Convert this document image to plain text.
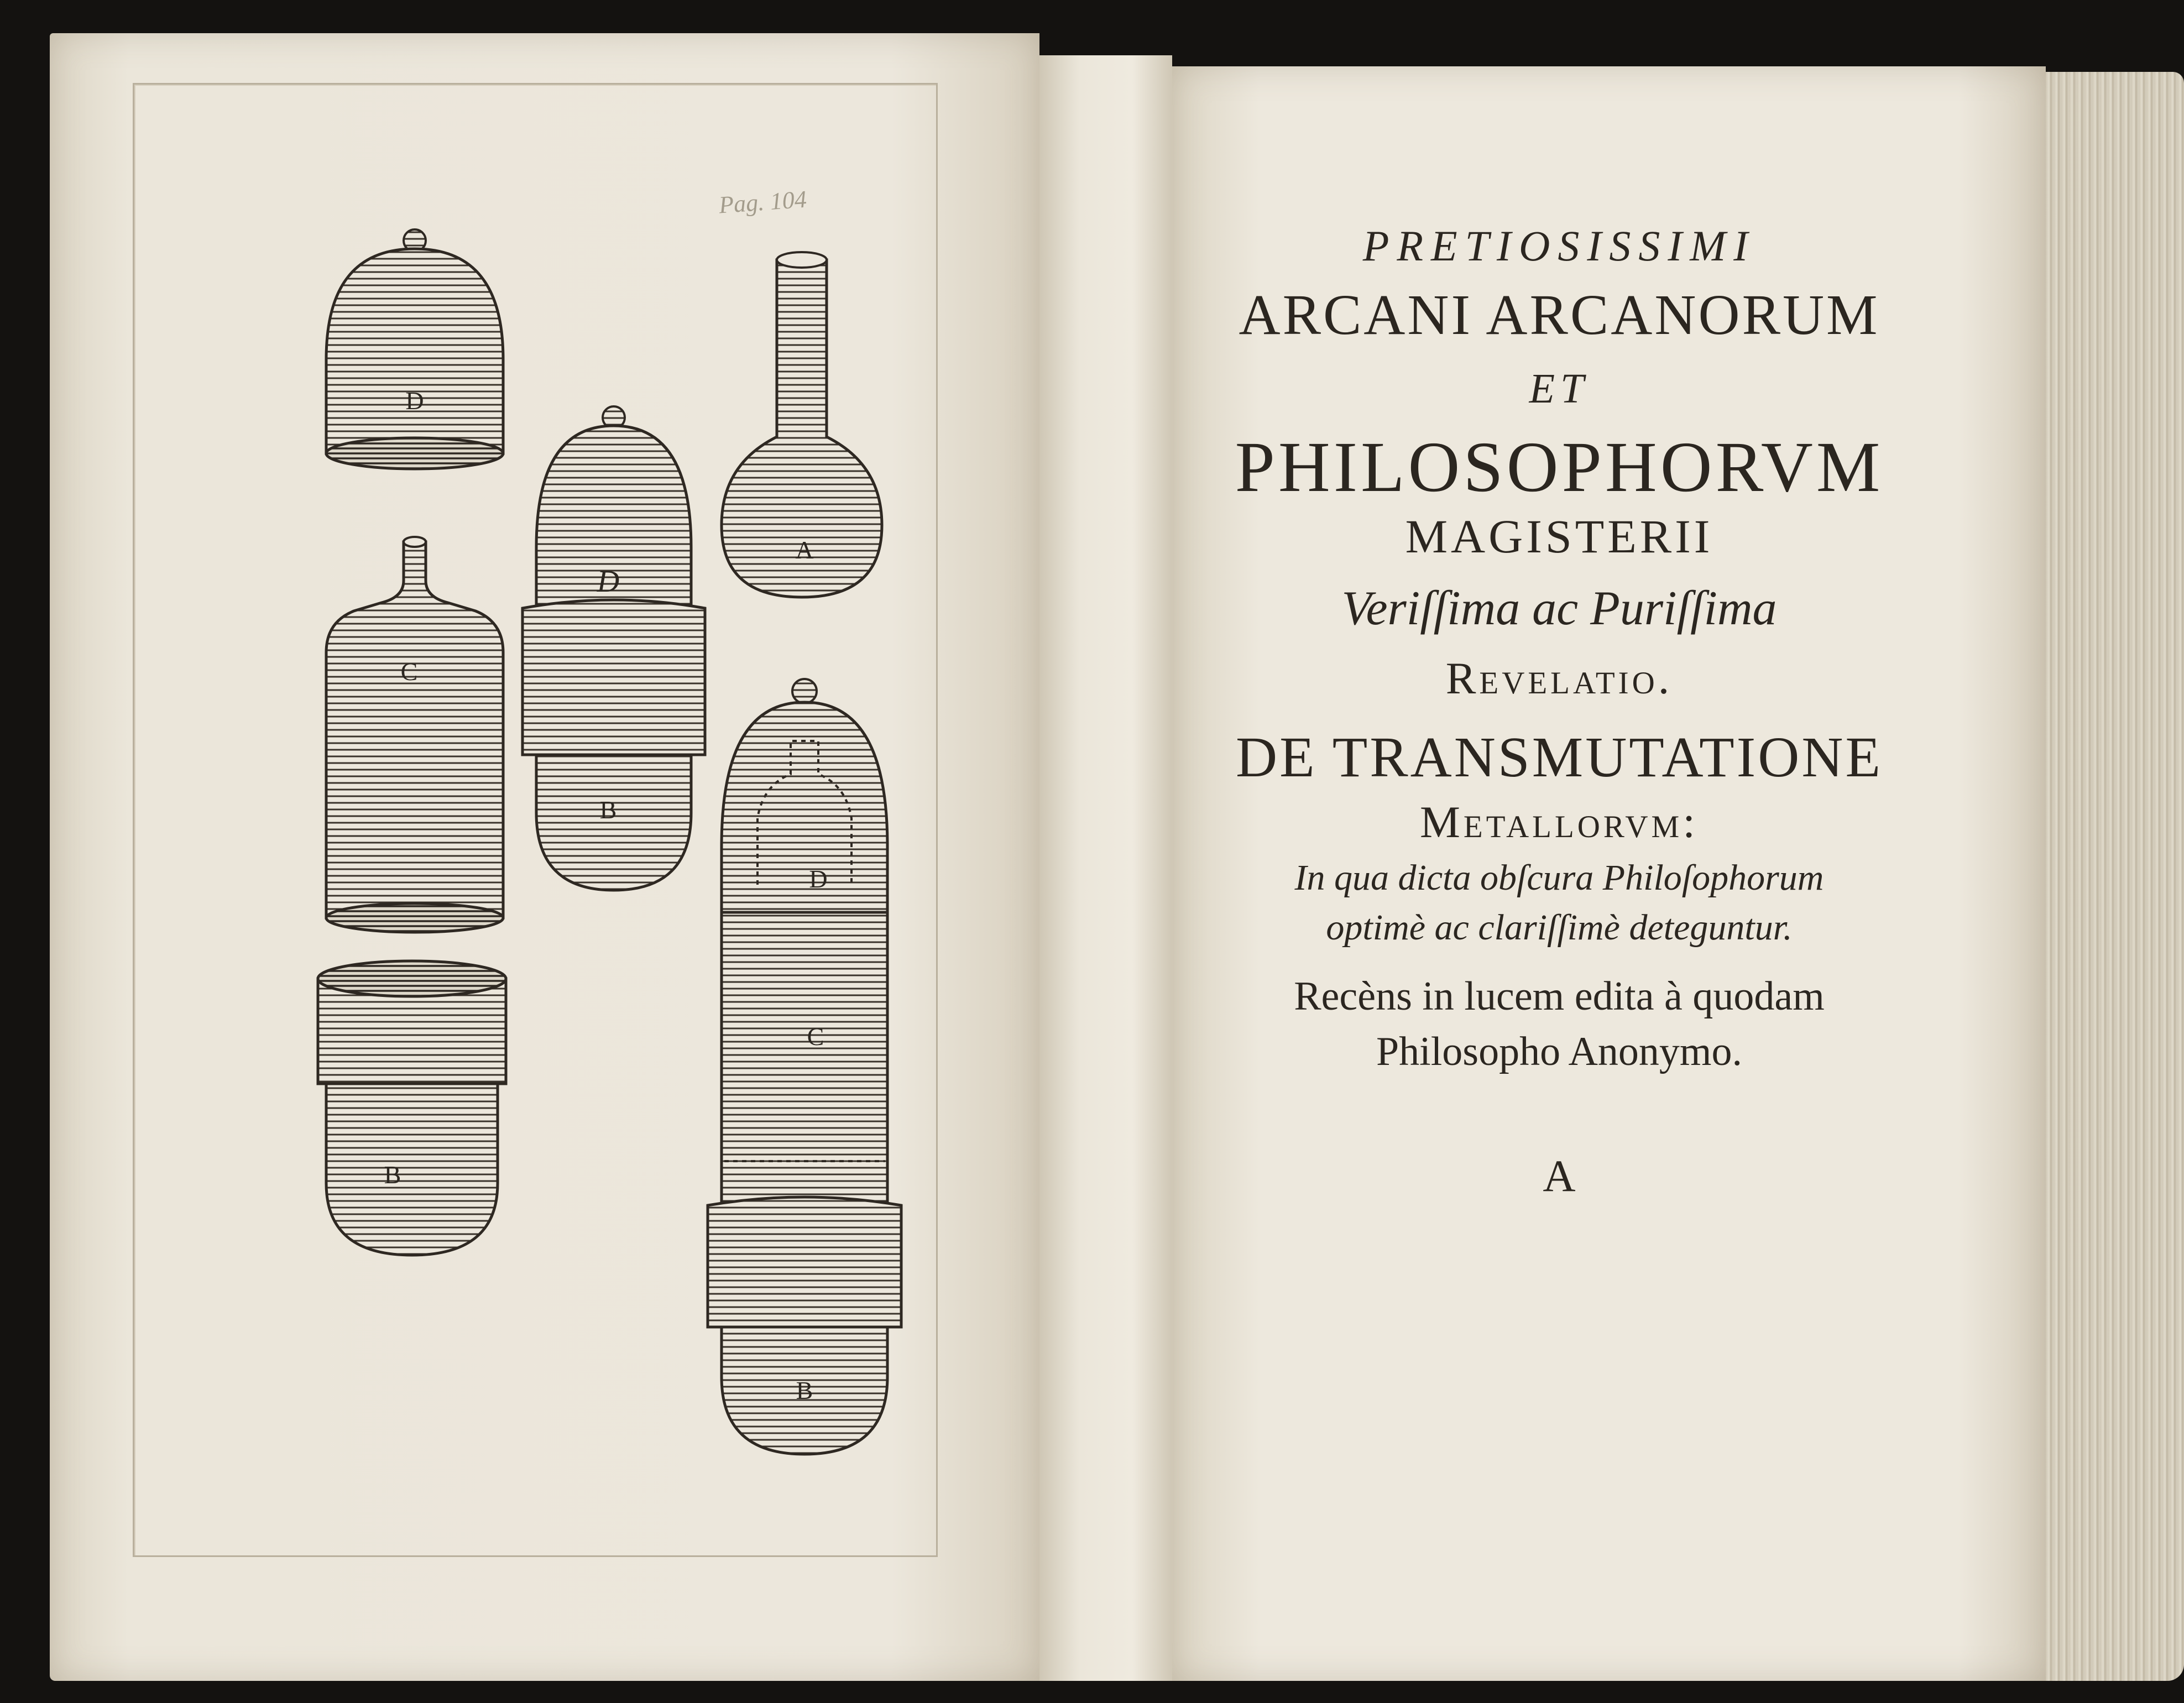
D
C
B
D
B
A
D
C
B
Pag. 104
PRETIOSISSIMI
ARCANI ARCANORUM
ET
PHILOSOPHORVM
MAGISTERII
Veriſſima ac Puriſſima
Revelatio.
DE TRANSMUTATIONE
Metallorvm:
In qua dicta obſcura Philoſophorum
optimè ac clariſſimè deteguntur.
Recèns in lucem edita à quodam
Philosopho Anonymo.
A
